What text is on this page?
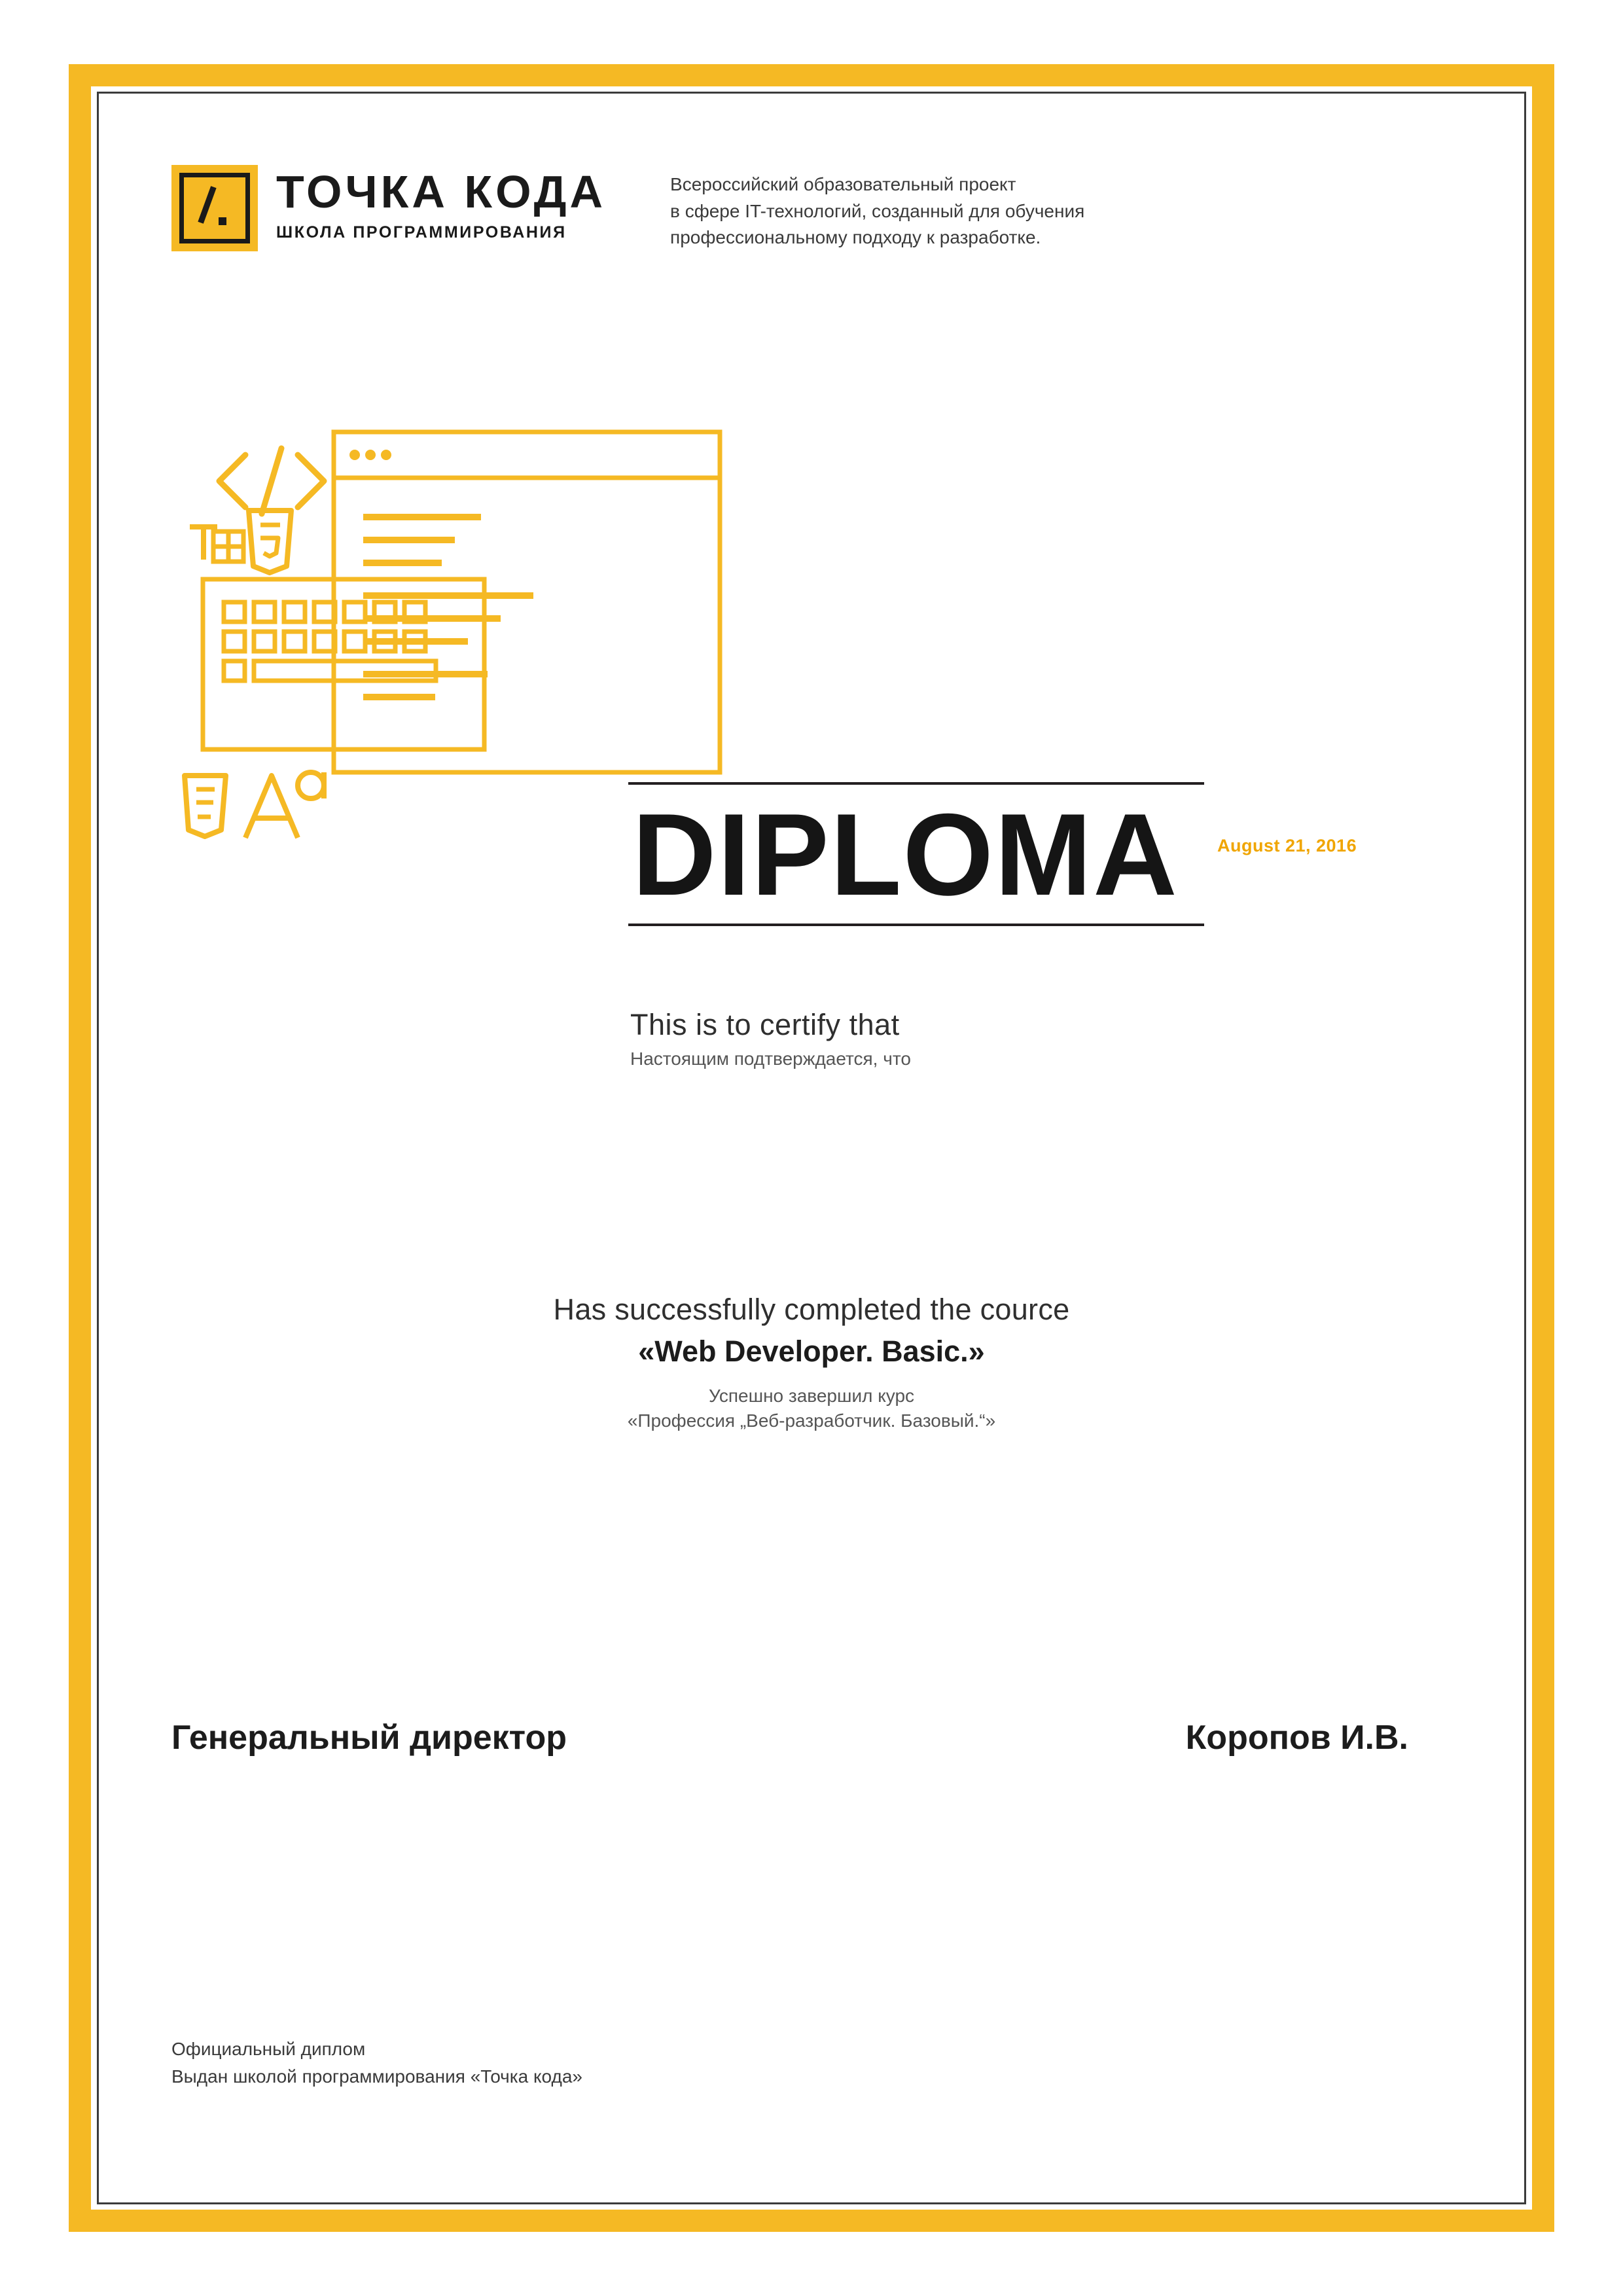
ТОЧКА КОДА
ШКОЛА ПРОГРАММИРОВАНИЯ
Всероссийский образовательный проект
в сфере IT-технологий, созданный для обучения
профессиональному подходу к разработке.
DIPLOMA	August 21, 2016
This is to certify that
Настоящим подтверждается, что
Has successfully completed the cource
«Web Developer. Basic.»
Успешно завершил курс
«Профессия „Веб-разработчик. Базовый.“»
Генеральный директор	Коропов И.В.
Официальный диплом
Выдан школой программирования «Точка кода»
